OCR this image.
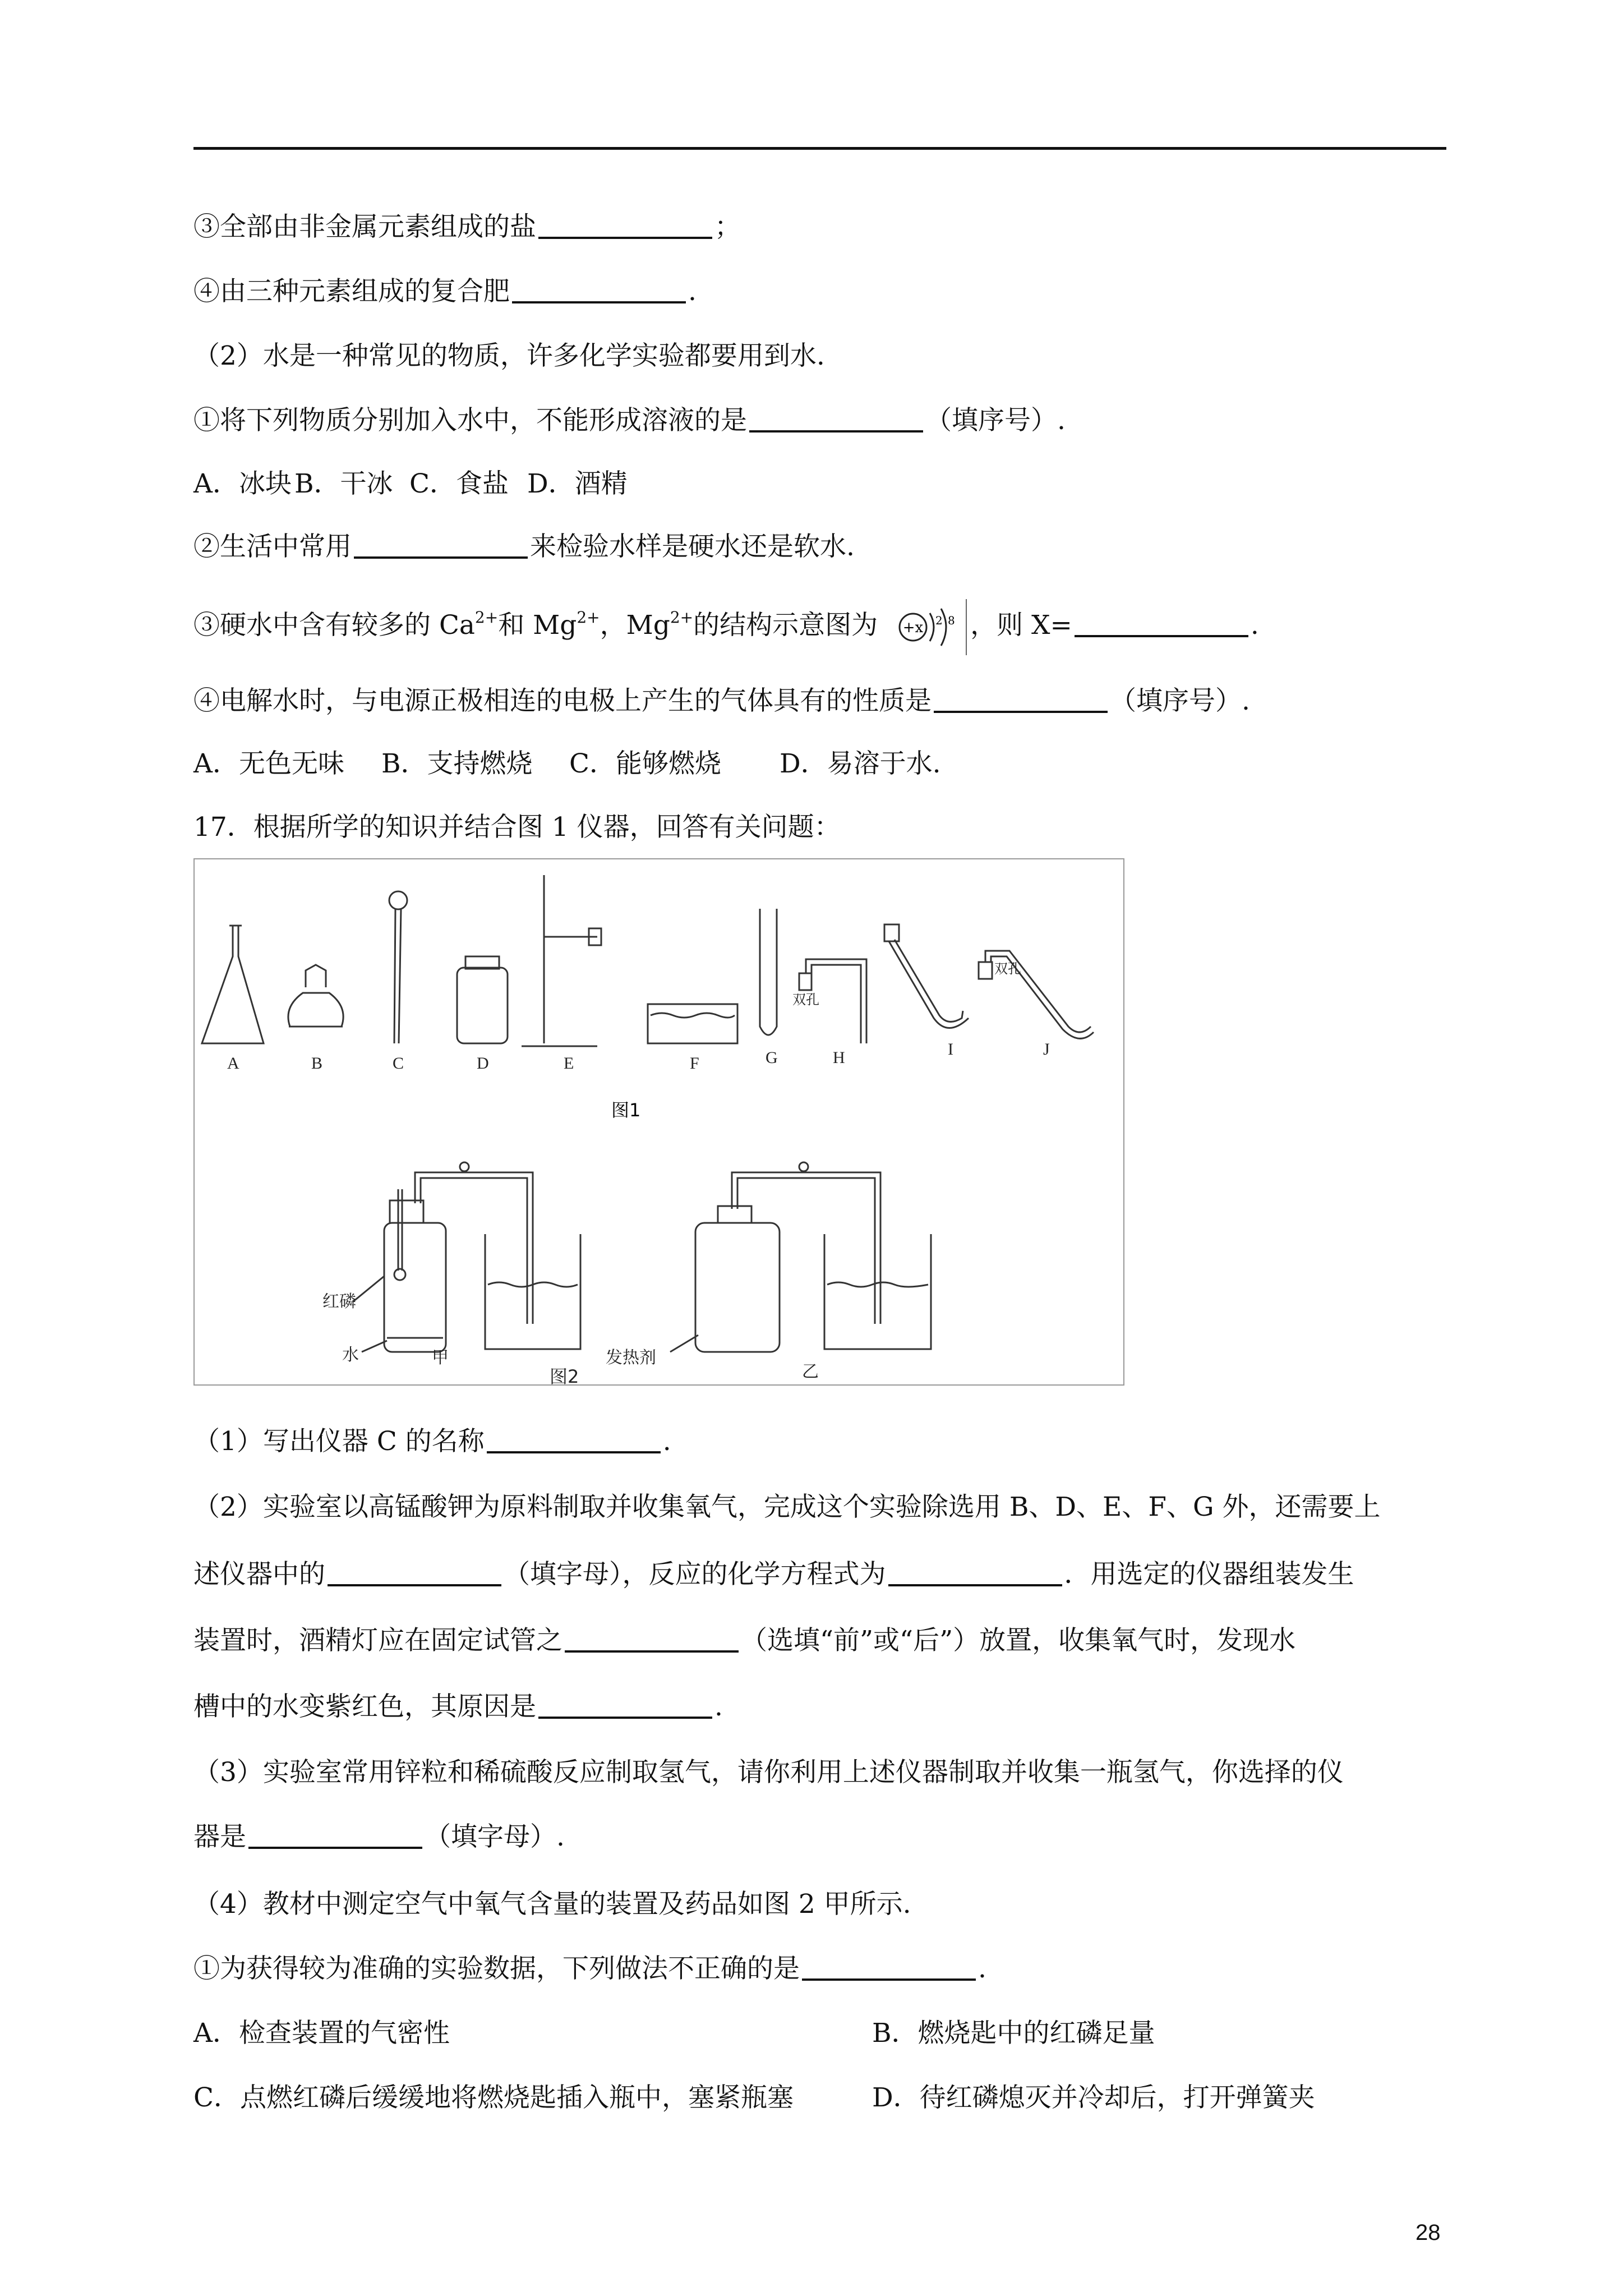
③全部由非金属元素组成的盐	；
④由三种元素组成的复合肥	.
（2）水是一种常见的物质，许多化学实验都要用到水.
①将下列物质分别加入水中，不能形成溶液的是	（填序号）.
A．冰块 B．干冰 C．食盐 D．酒精
②生活中常用	来检验水样是硬水还是软水.
③硬水中含有较多的 $Ca^{2+}$和 $Mg^{2+}$，$Mg^{2+}$的结构示意图为 +x 2 8 ，则 X=	.
④电解水时，与电源正极相连的电极上产生的气体具有的性质是	（填序号）.
A．无色无味 B．支持燃烧 C．能够燃烧 D．易溶于水.
17．根据所学的知识并结合图 1 仪器，回答有关问题：
A	B	C	D	E	F	G	H	I	J
双孔
双孔
图1
红磷
水	甲	发热剂
乙
图2
（1）写出仪器 C 的名称	.
（2）实验室以高锰酸钾为原料制取并收集氧气，完成这个实验除选用 B、D、E、F、G 外，还需要上
述仪器中的	（填字母），反应的化学方程式为	．用选定的仪器组装发生
装置时，酒精灯应在固定试管之	（选填“前”或“后”）放置，收集氧气时，发现水
槽中的水变紫红色，其原因是	.
（3）实验室常用锌粒和稀硫酸反应制取氢气，请你利用上述仪器制取并收集一瓶氢气，你选择的仪
器是	（填字母）.
（4）教材中测定空气中氧气含量的装置及药品如图 2 甲所示.
①为获得较为准确的实验数据，下列做法不正确的是	.
A．检查装置的气密性	B．燃烧匙中的红磷足量
C．点燃红磷后缓缓地将燃烧匙插入瓶中，塞紧瓶塞	D．待红磷熄灭并冷却后，打开弹簧夹
28
